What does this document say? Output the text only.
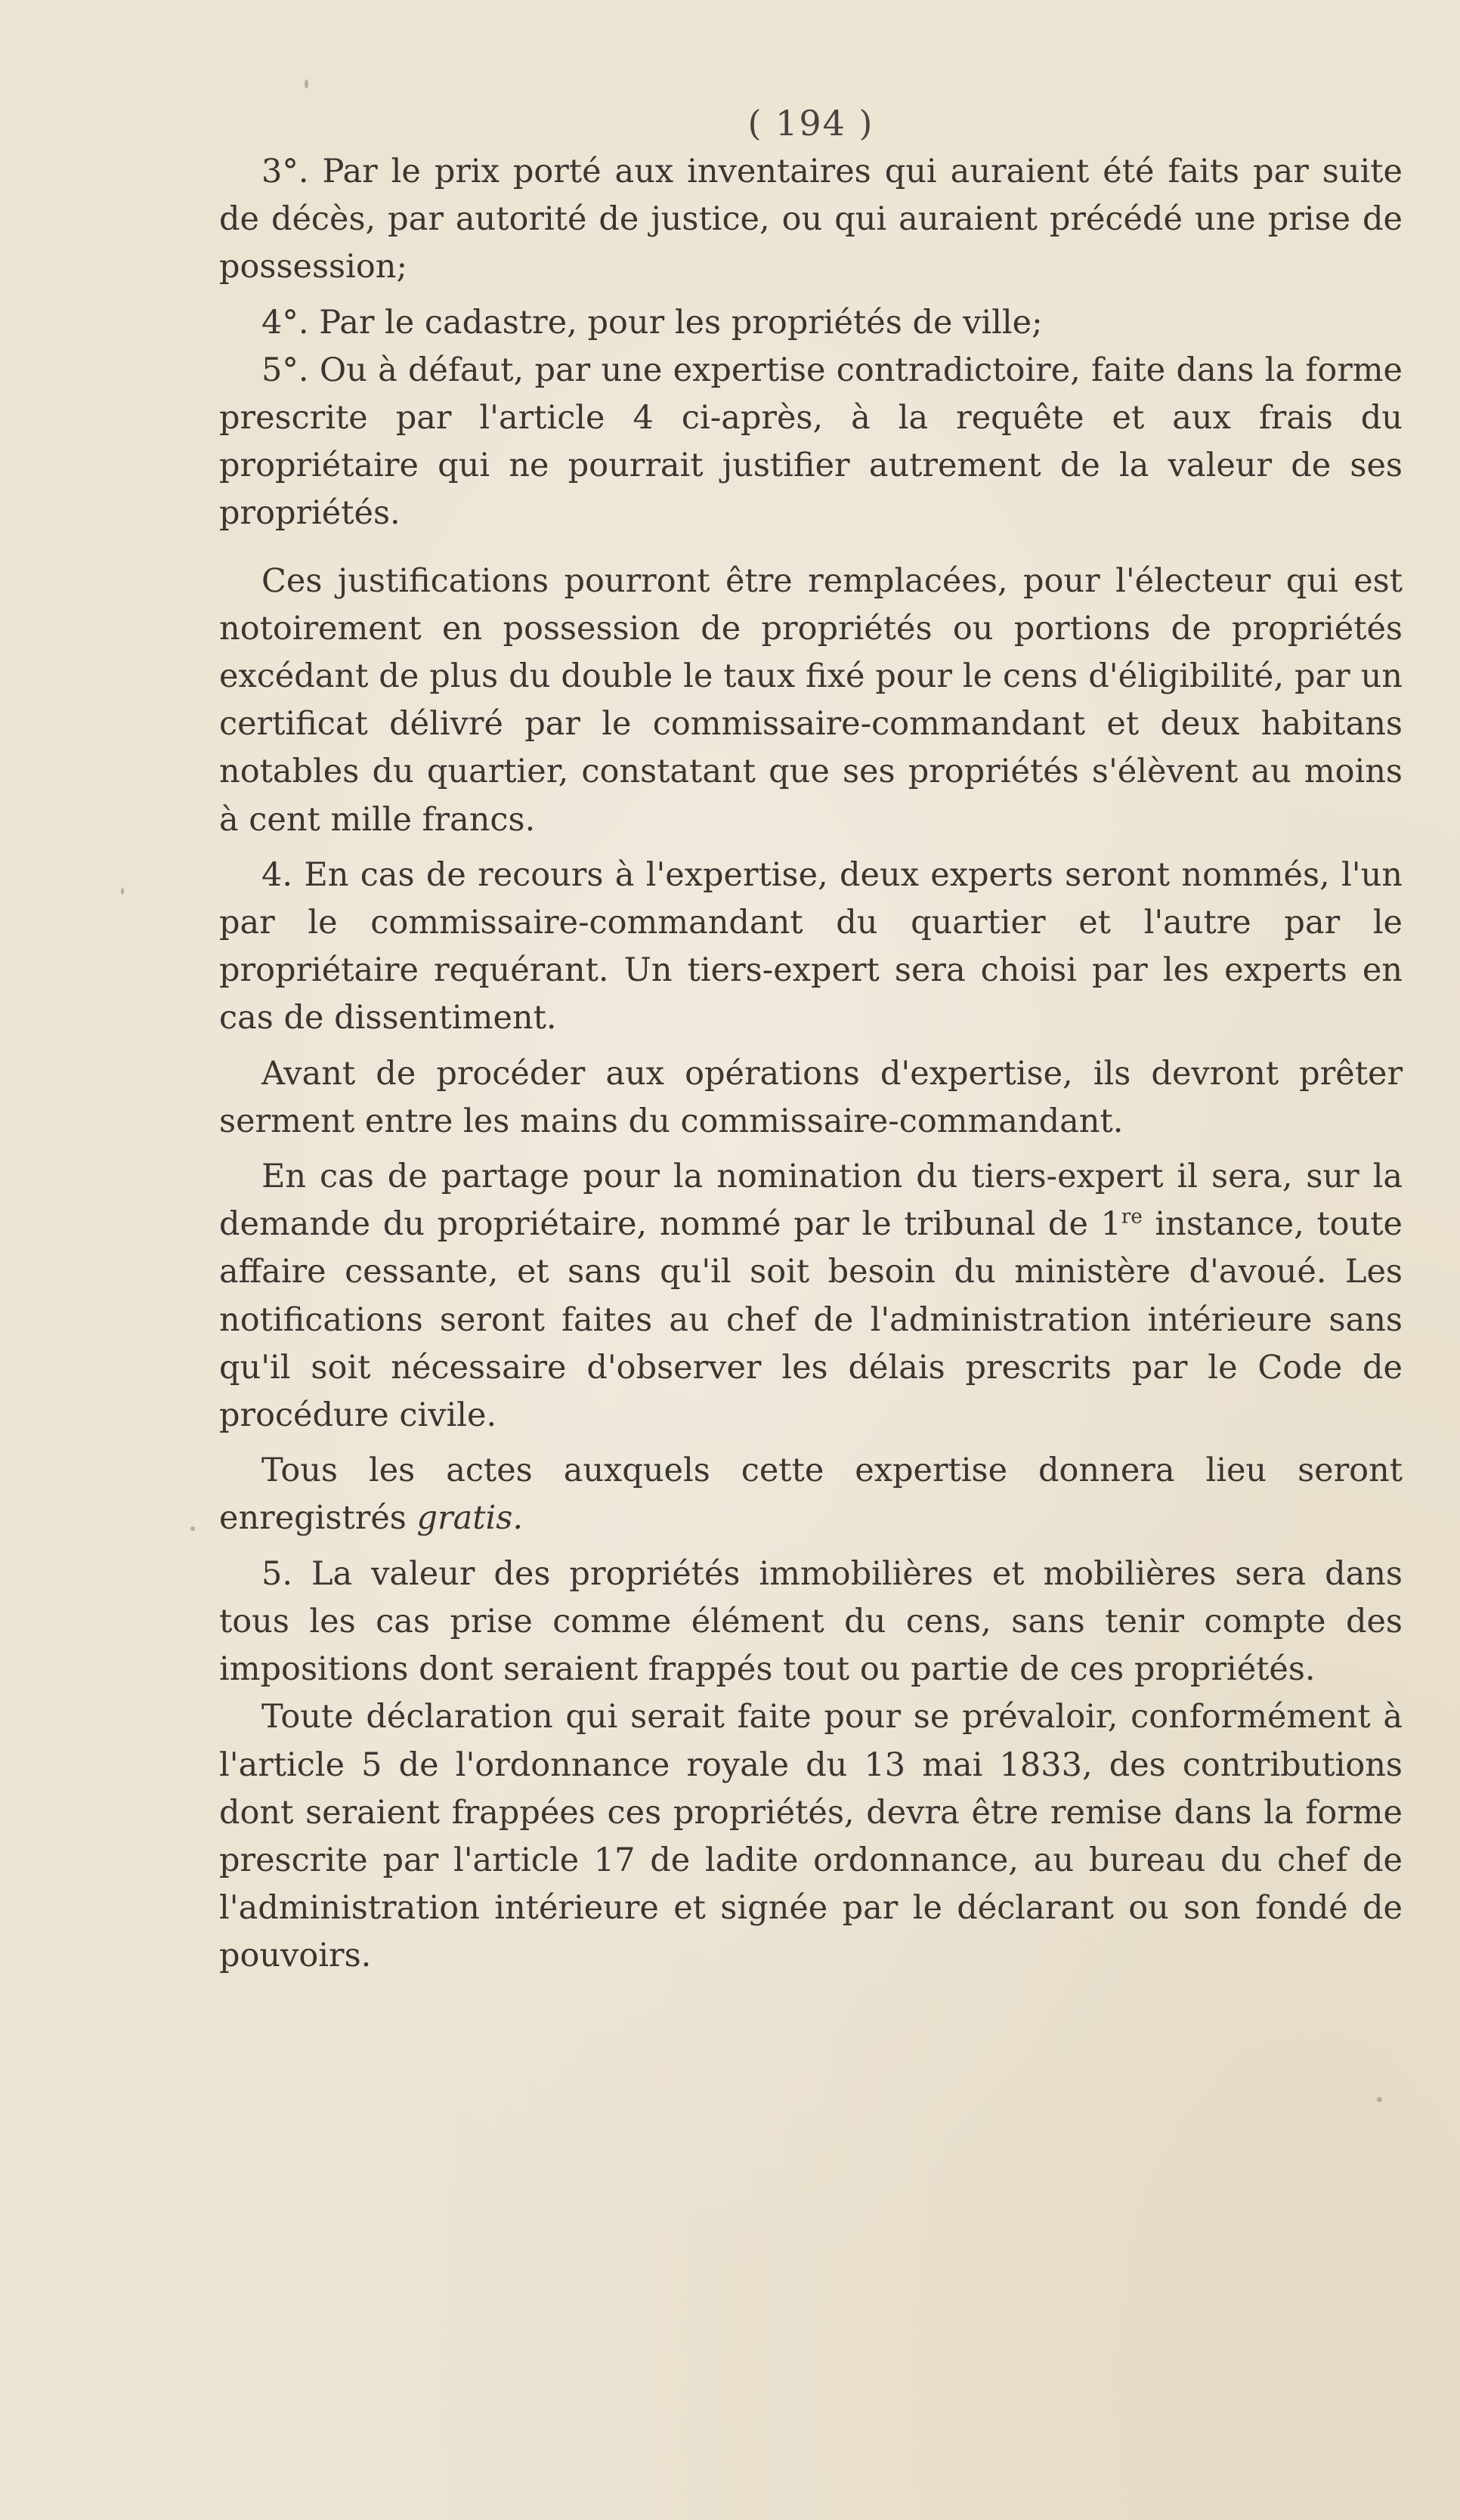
( 194 )

3°. Par le prix porté aux inventaires qui auraient été faits par suite de décès, par autorité de justice, ou qui auraient précédé une prise de possession;

4°. Par le cadastre, pour les propriétés de ville;

5°. Ou à défaut, par une expertise contradictoire, faite dans la forme prescrite par l'article 4 ci-après, à la requête et aux frais du propriétaire qui ne pourrait justifier autrement de la valeur de ses propriétés.

Ces justifications pourront être remplacées, pour l'électeur qui est notoirement en possession de propriétés ou portions de propriétés excédant de plus du double le taux fixé pour le cens d'éligibilité, par un certificat délivré par le commissaire-commandant et deux habitans notables du quartier, constatant que ses propriétés s'élèvent au moins à cent mille francs.

4. En cas de recours à l'expertise, deux experts seront nommés, l'un par le commissaire-commandant du quartier et l'autre par le propriétaire requérant. Un tiers-expert sera choisi par les experts en cas de dissentiment.

Avant de procéder aux opérations d'expertise, ils devront prêter serment entre les mains du commissaire-commandant.

En cas de partage pour la nomination du tiers-expert il sera, sur la demande du propriétaire, nommé par le tribunal de 1re instance, toute affaire cessante, et sans qu'il soit besoin du ministère d'avoué. Les notifications seront faites au chef de l'administration intérieure sans qu'il soit nécessaire d'observer les délais prescrits par le Code de procédure civile.

Tous les actes auxquels cette expertise donnera lieu seront enregistrés gratis.

5. La valeur des propriétés immobilières et mobilières sera dans tous les cas prise comme élément du cens, sans tenir compte des impositions dont seraient frappés tout ou partie de ces propriétés.

Toute déclaration qui serait faite pour se prévaloir, conformément à l'article 5 de l'ordonnance royale du 13 mai 1833, des contributions dont seraient frappées ces propriétés, devra être remise dans la forme prescrite par l'article 17 de ladite ordonnance, au bureau du chef de l'administration intérieure et signée par le déclarant ou son fondé de pouvoirs.
